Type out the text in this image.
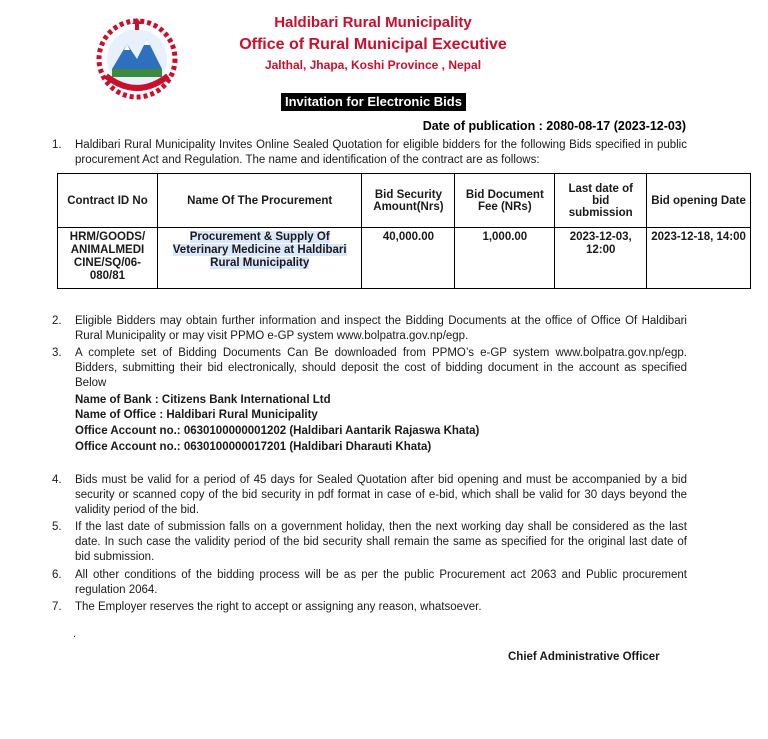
Haldibari Rural Municipality
Office of Rural Municipal Executive
Jalthal, Jhapa, Koshi Province , Nepal
Invitation for Electronic Bids
Date of publication : 2080-08-17 (2023-12-03)
1. Haldibari Rural Municipality Invites Online Sealed Quotation for eligible bidders for the following Bids specified in public procurement Act and Regulation. The name and identification of the contract are as follows:
Contract ID No	Name Of The Procurement	Bid Security Amount(Nrs)	Bid Document Fee (NRs)	Last date of bid submission	Bid opening Date
HRM/GOODS/ ANIMALMEDI CINE/SQ/06- 080/81	Procurement & Supply Of Veterinary Medicine at Haldibari Rural Municipality	40,000.00	1,000.00	2023-12-03, 12:00	2023-12-18, 14:00
2. Eligible Bidders may obtain further information and inspect the Bidding Documents at the office of Office Of Haldibari Rural Municipality or may visit PPMO e-GP system www.bolpatra.gov.np/egp.
3. A complete set of Bidding Documents Can Be downloaded from PPMO’s e-GP system www.bolpatra.gov.np/egp. Bidders, submitting their bid electronically, should deposit the cost of bidding document in the account as specified Below
Name of Bank : Citizens Bank International Ltd
Name of Office : Haldibari Rural Municipality
Office Account no.: 0630100000001202 (Haldibari Aantarik Rajaswa Khata)
Office Account no.: 0630100000017201 (Haldibari Dharauti Khata)
4. Bids must be valid for a period of 45 days for Sealed Quotation after bid opening and must be accompanied by a bid security or scanned copy of the bid security in pdf format in case of e-bid, which shall be valid for 30 days beyond the validity period of the bid.
5. If the last date of submission falls on a government holiday, then the next working day shall be considered as the last date. In such case the validity period of the bid security shall remain the same as specified for the original last date of bid submission.
6. All other conditions of the bidding process will be as per the public Procurement act 2063 and Public procurement regulation 2064.
7. The Employer reserves the right to accept or assigning any reason, whatsoever.
.
Chief Administrative Officer
